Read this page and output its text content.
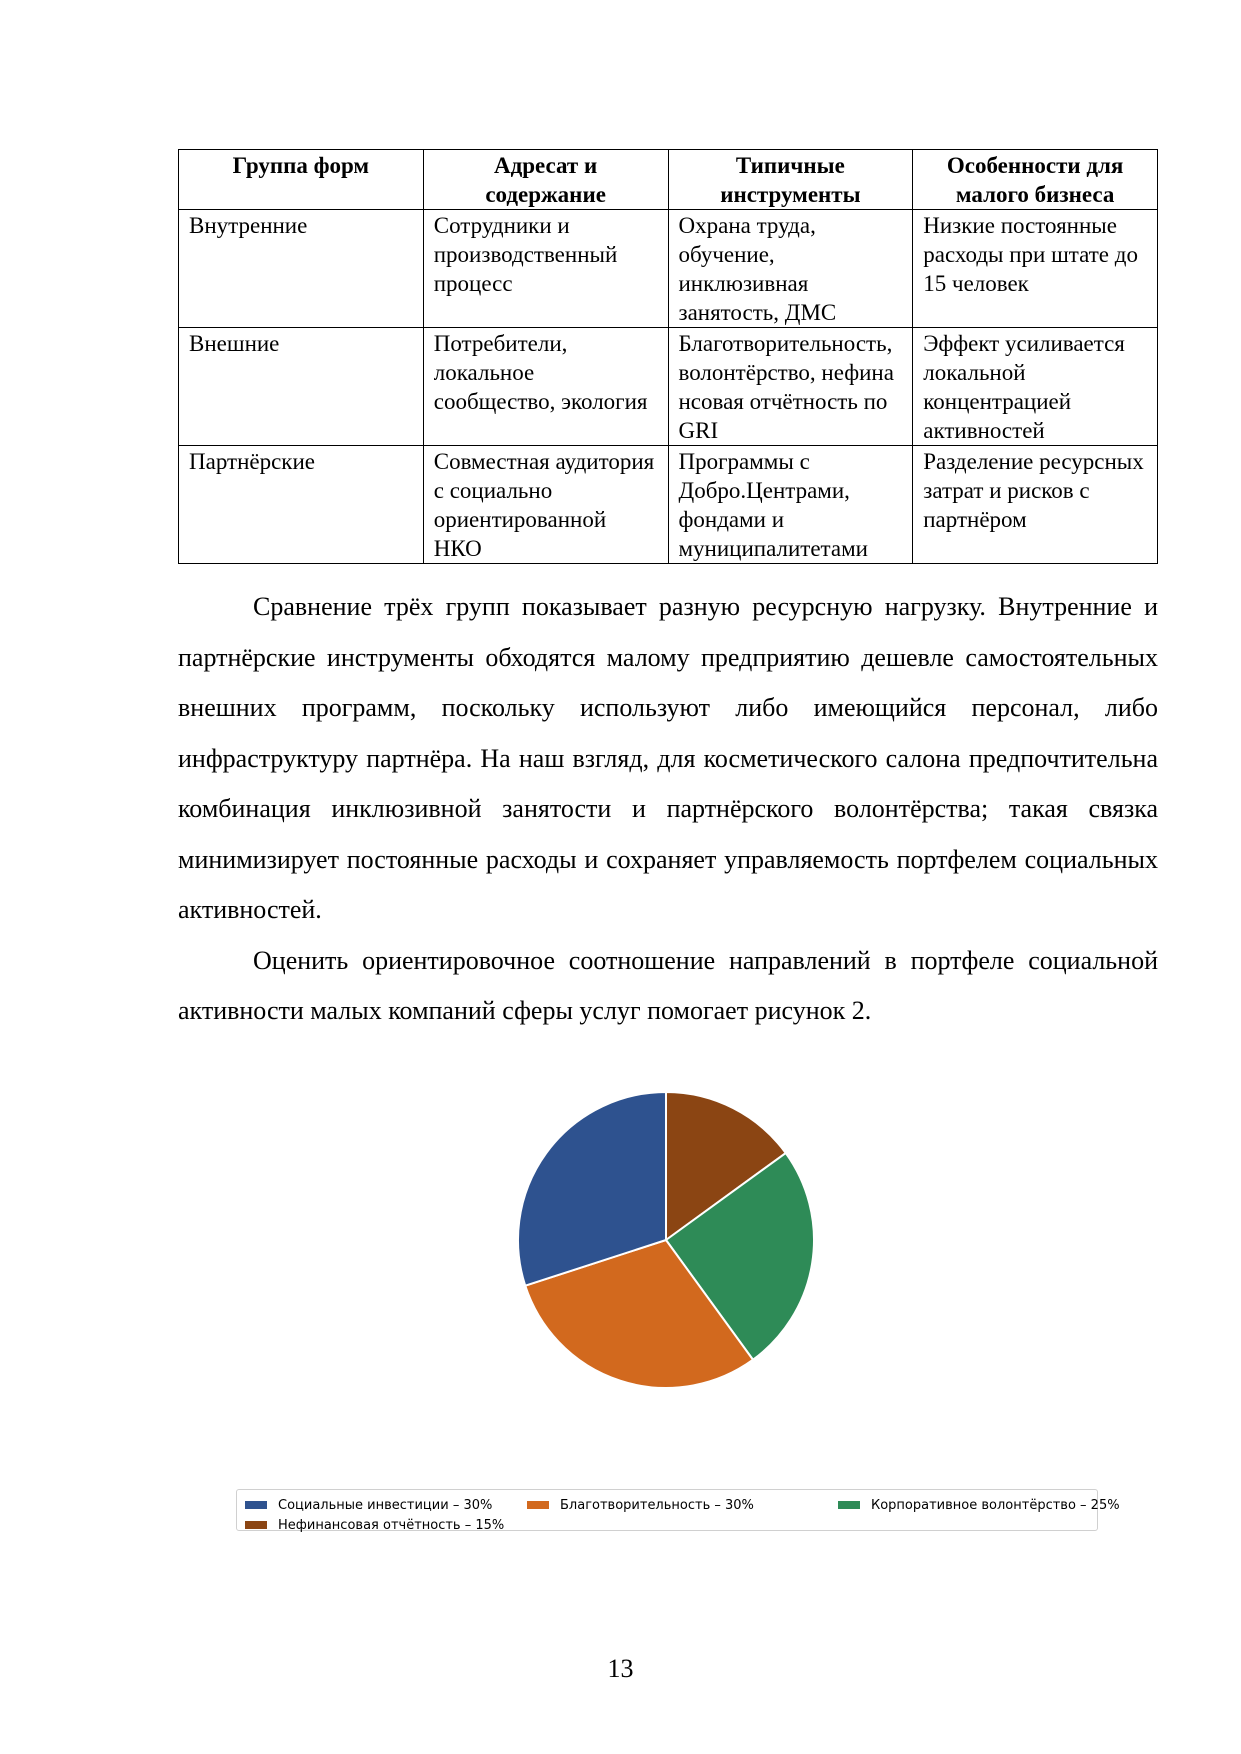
Группа форм	Адресат и содержание	Типичные инструменты	Особенности для малого бизнеса
Внутренние	Сотрудники и производственный процесс	Охрана труда, обучение, инклюзивная занятость, ДМС	Низкие постоянные расходы при штате до 15 человек
Внешние	Потребители, локальное сообщество, экология	Благотворительность, волонтёрство, нефинансовая отчётность по GRI	Эффект усиливается локальной концентрацией активностей
Партнёрские	Совместная аудитория с социально ориентированной НКО	Программы с Добро.Центрами, фондами и муниципалитетами	Разделение ресурсных затрат и рисков с партнёром

Сравнение трёх групп показывает разную ресурсную нагрузку. Внутренние и партнёрские инструменты обходятся малому предприятию дешевле самостоятельных внешних программ, поскольку используют либо имеющийся персонал, либо инфраструктуру партнёра. На наш взгляд, для косметического салона предпочтительна комбинация инклюзивной занятости и партнёрского волонтёрства; такая связка минимизирует постоянные расходы и сохраняет управляемость портфелем социальных активностей.

Оценить ориентировочное соотношение направлений в портфеле социальной активности малых компаний сферы услуг помогает рисунок 2.

Социальные инвестиции – 30%	Благотворительность – 30%	Корпоративное волонтёрство – 25%
Нефинансовая отчётность – 15%
13
